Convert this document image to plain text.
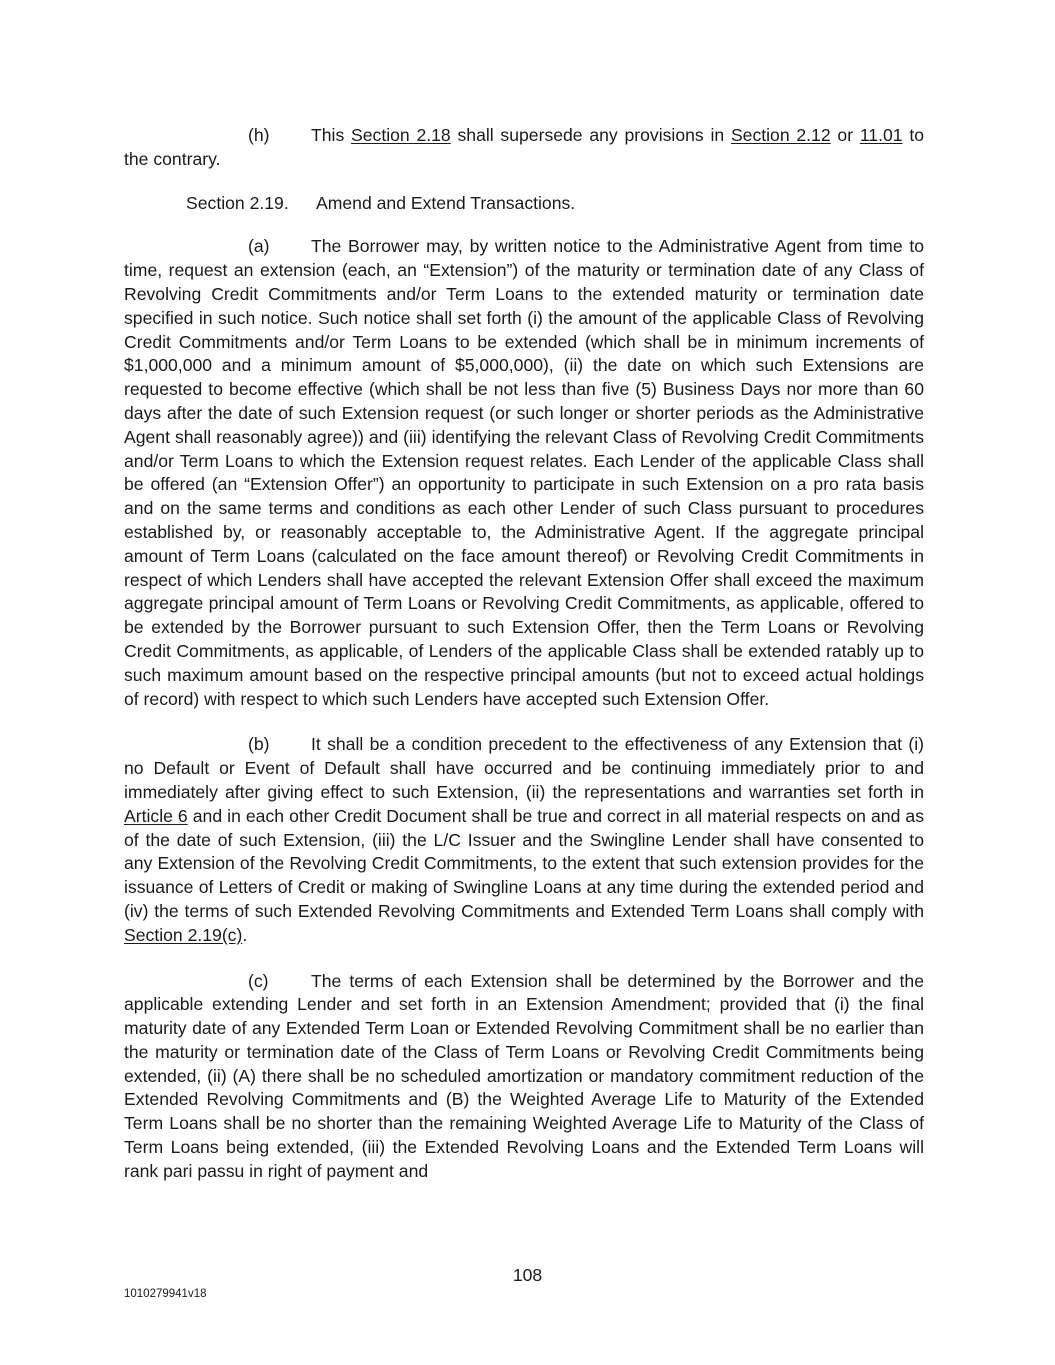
(h) This Section 2.18 shall supersede any provisions in Section 2.12 or 11.01 to the contrary.

Section 2.19. Amend and Extend Transactions.

(a) The Borrower may, by written notice to the Administrative Agent from time to time, request an extension (each, an “Extension”) of the maturity or termination date of any Class of Revolving Credit Commitments and/or Term Loans to the extended maturity or termination date specified in such notice. Such notice shall set forth (i) the amount of the applicable Class of Revolving Credit Commitments and/or Term Loans to be extended (which shall be in minimum increments of $1,000,000 and a minimum amount of $5,000,000), (ii) the date on which such Extensions are requested to become effective (which shall be not less than five (5) Business Days nor more than 60 days after the date of such Extension request (or such longer or shorter periods as the Administrative Agent shall reasonably agree)) and (iii) identifying the relevant Class of Revolving Credit Commitments and/or Term Loans to which the Extension request relates. Each Lender of the applicable Class shall be offered (an “Extension Offer”) an opportunity to participate in such Extension on a pro rata basis and on the same terms and conditions as each other Lender of such Class pursuant to procedures established by, or reasonably acceptable to, the Administrative Agent. If the aggregate principal amount of Term Loans (calculated on the face amount thereof) or Revolving Credit Commitments in respect of which Lenders shall have accepted the relevant Extension Offer shall exceed the maximum aggregate principal amount of Term Loans or Revolving Credit Commitments, as applicable, offered to be extended by the Borrower pursuant to such Extension Offer, then the Term Loans or Revolving Credit Commitments, as applicable, of Lenders of the applicable Class shall be extended ratably up to such maximum amount based on the respective principal amounts (but not to exceed actual holdings of record) with respect to which such Lenders have accepted such Extension Offer.

(b) It shall be a condition precedent to the effectiveness of any Extension that (i) no Default or Event of Default shall have occurred and be continuing immediately prior to and immediately after giving effect to such Extension, (ii) the representations and warranties set forth in Article 6 and in each other Credit Document shall be true and correct in all material respects on and as of the date of such Extension, (iii) the L/C Issuer and the Swingline Lender shall have consented to any Extension of the Revolving Credit Commitments, to the extent that such extension provides for the issuance of Letters of Credit or making of Swingline Loans at any time during the extended period and (iv) the terms of such Extended Revolving Commitments and Extended Term Loans shall comply with Section 2.19(c).

(c) The terms of each Extension shall be determined by the Borrower and the applicable extending Lender and set forth in an Extension Amendment; provided that (i) the final maturity date of any Extended Term Loan or Extended Revolving Commitment shall be no earlier than the maturity or termination date of the Class of Term Loans or Revolving Credit Commitments being extended, (ii) (A) there shall be no scheduled amortization or mandatory commitment reduction of the Extended Revolving Commitments and (B) the Weighted Average Life to Maturity of the Extended Term Loans shall be no shorter than the remaining Weighted Average Life to Maturity of the Class of Term Loans being extended, (iii) the Extended Revolving Loans and the Extended Term Loans will rank pari passu in right of payment and

108
1010279941v18
